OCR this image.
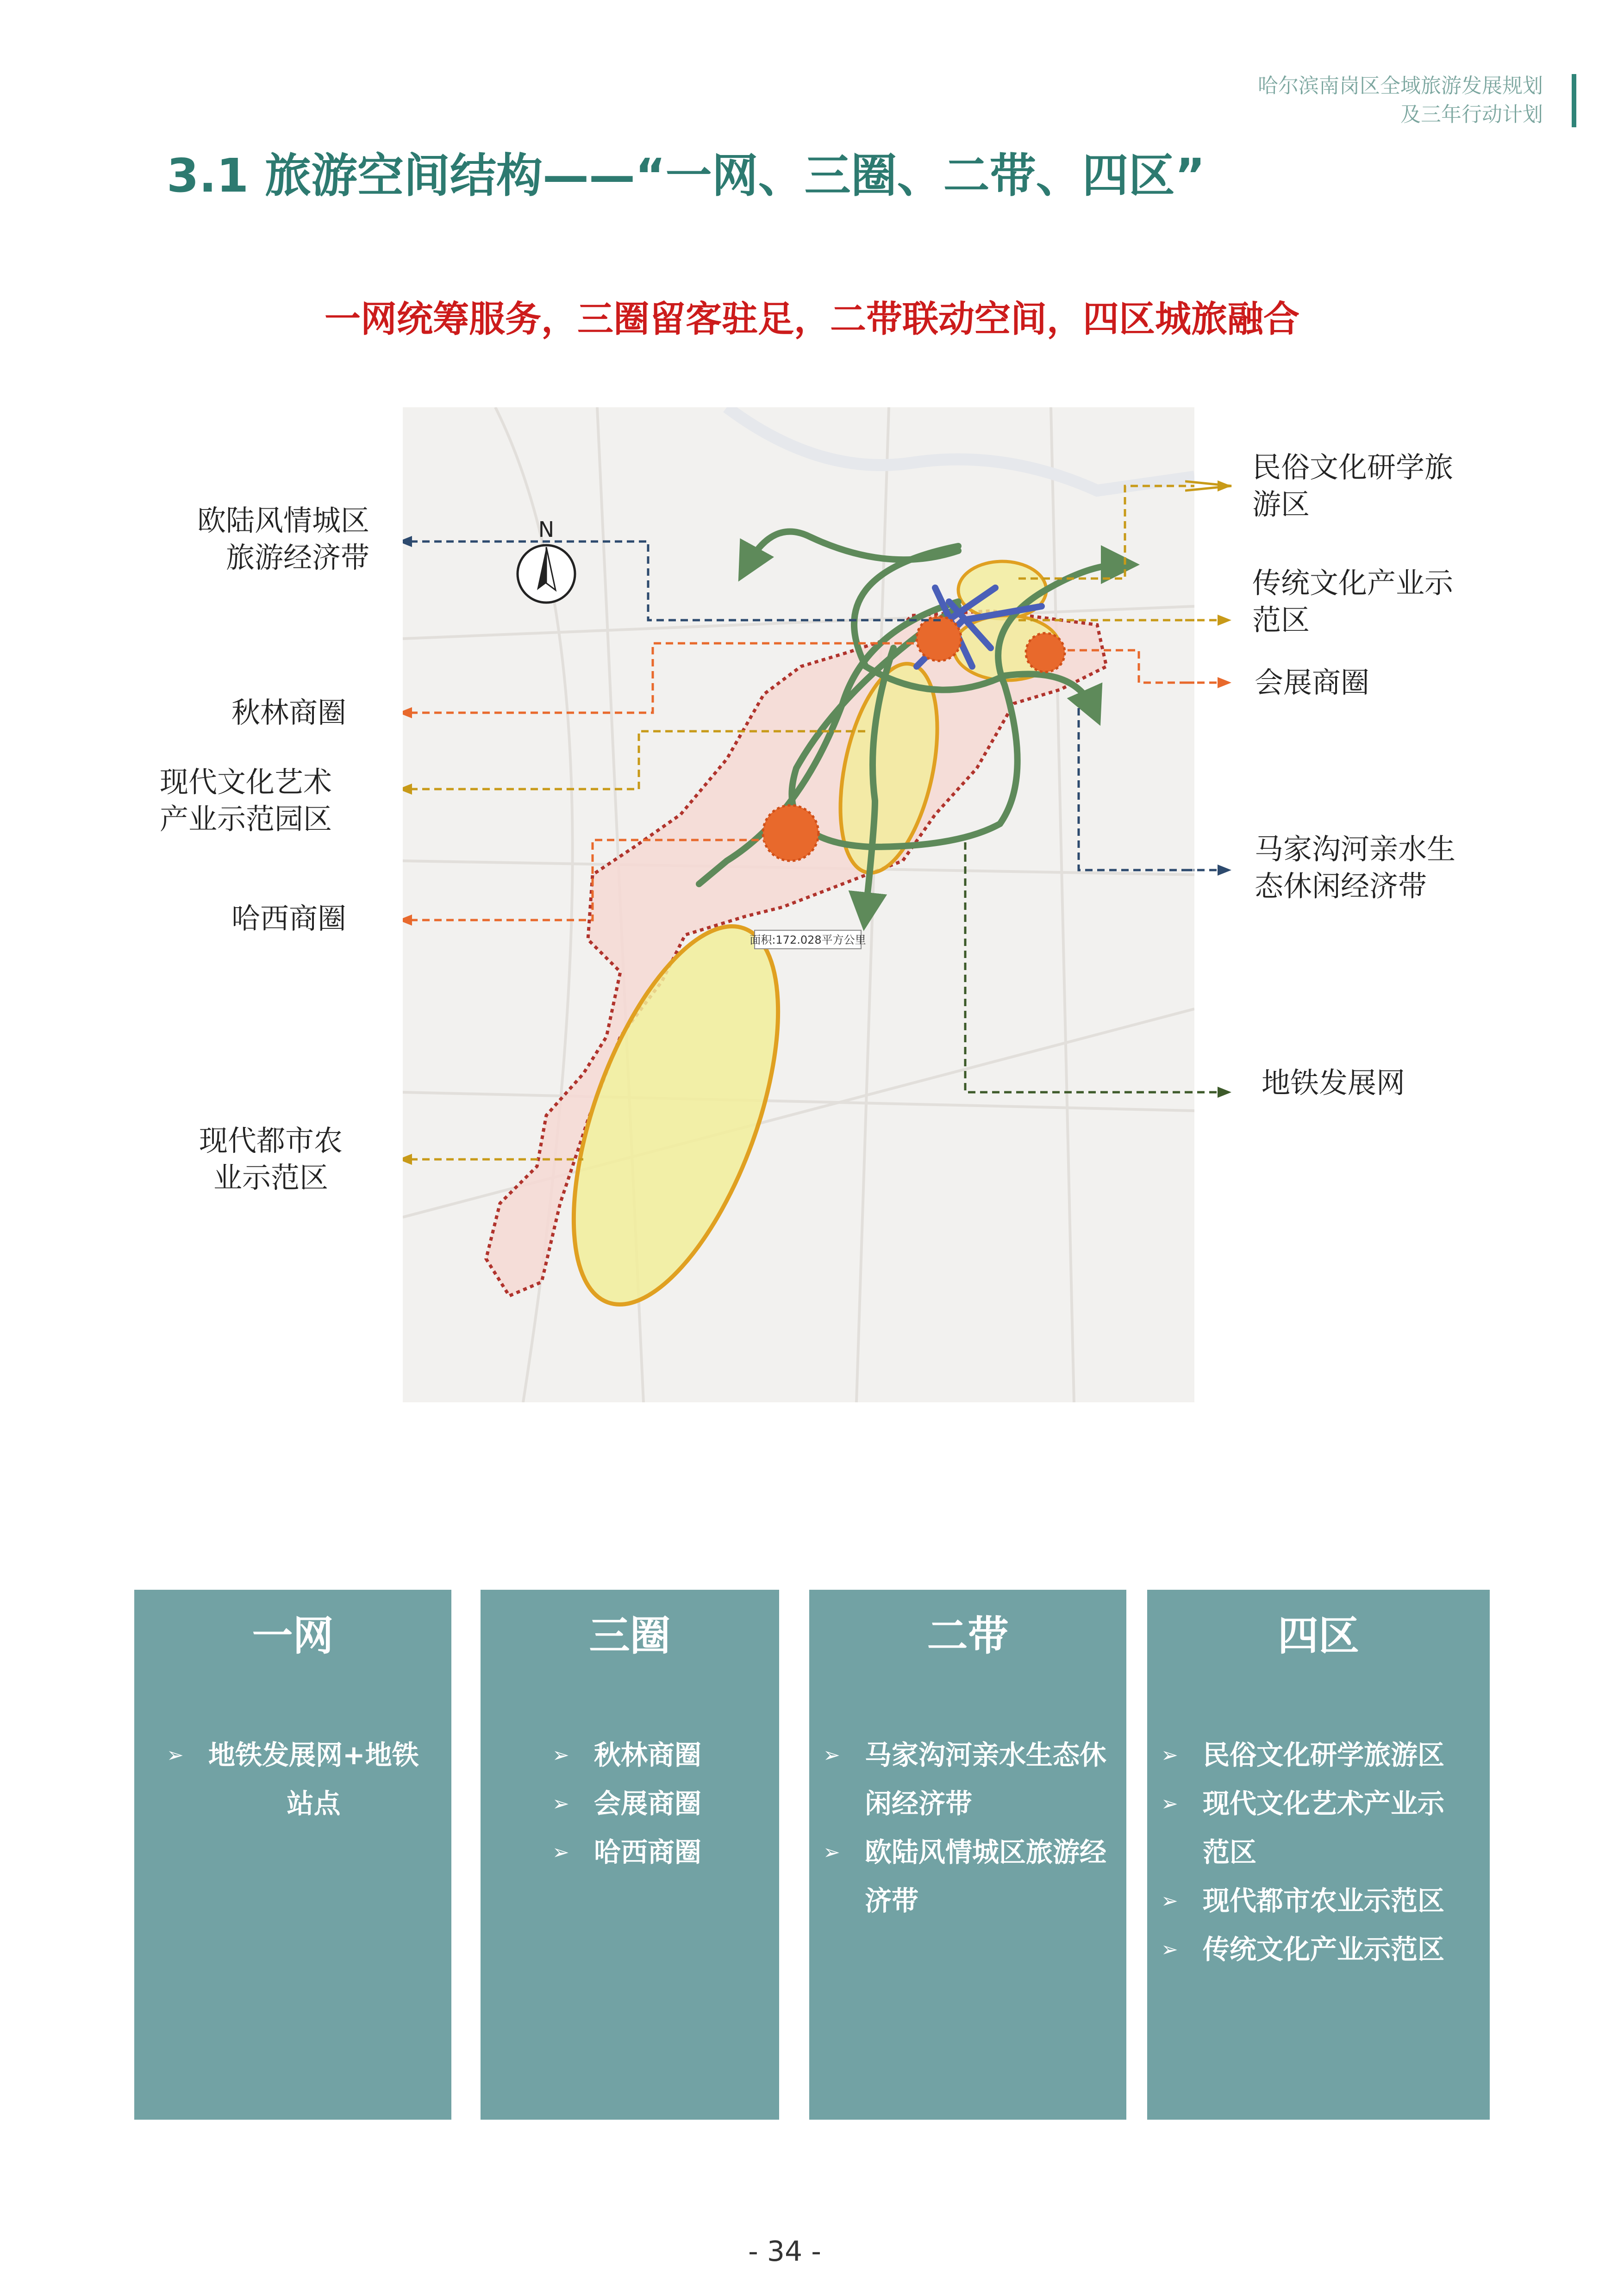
哈尔滨南岗区全域旅游发展规划
及三年行动计划
3.1 旅游空间结构——“一网、三圈、二带、四区”
一网统筹服务，三圈留客驻足，二带联动空间，四区城旅融合
面积:172.028平方公里
N
欧陆风情城区
旅游经济带
秋林商圈
现代文化艺术
产业示范园区
哈西商圈
现代都市农
业示范区
民俗文化研学旅
游区
传统文化产业示
范区
会展商圈
马家沟河亲水生
态休闲经济带
地铁发展网
一网
➢ 地铁发展网+地铁
站点
三圈
➢ 秋林商圈
➢ 会展商圈
➢ 哈西商圈
二带
➢ 马家沟河亲水生态休
闲经济带
➢ 欧陆风情城区旅游经
济带
四区
➢ 民俗文化研学旅游区
➢ 现代文化艺术产业示
范区
➢ 现代都市农业示范区
➢ 传统文化产业示范区
- 34 -
